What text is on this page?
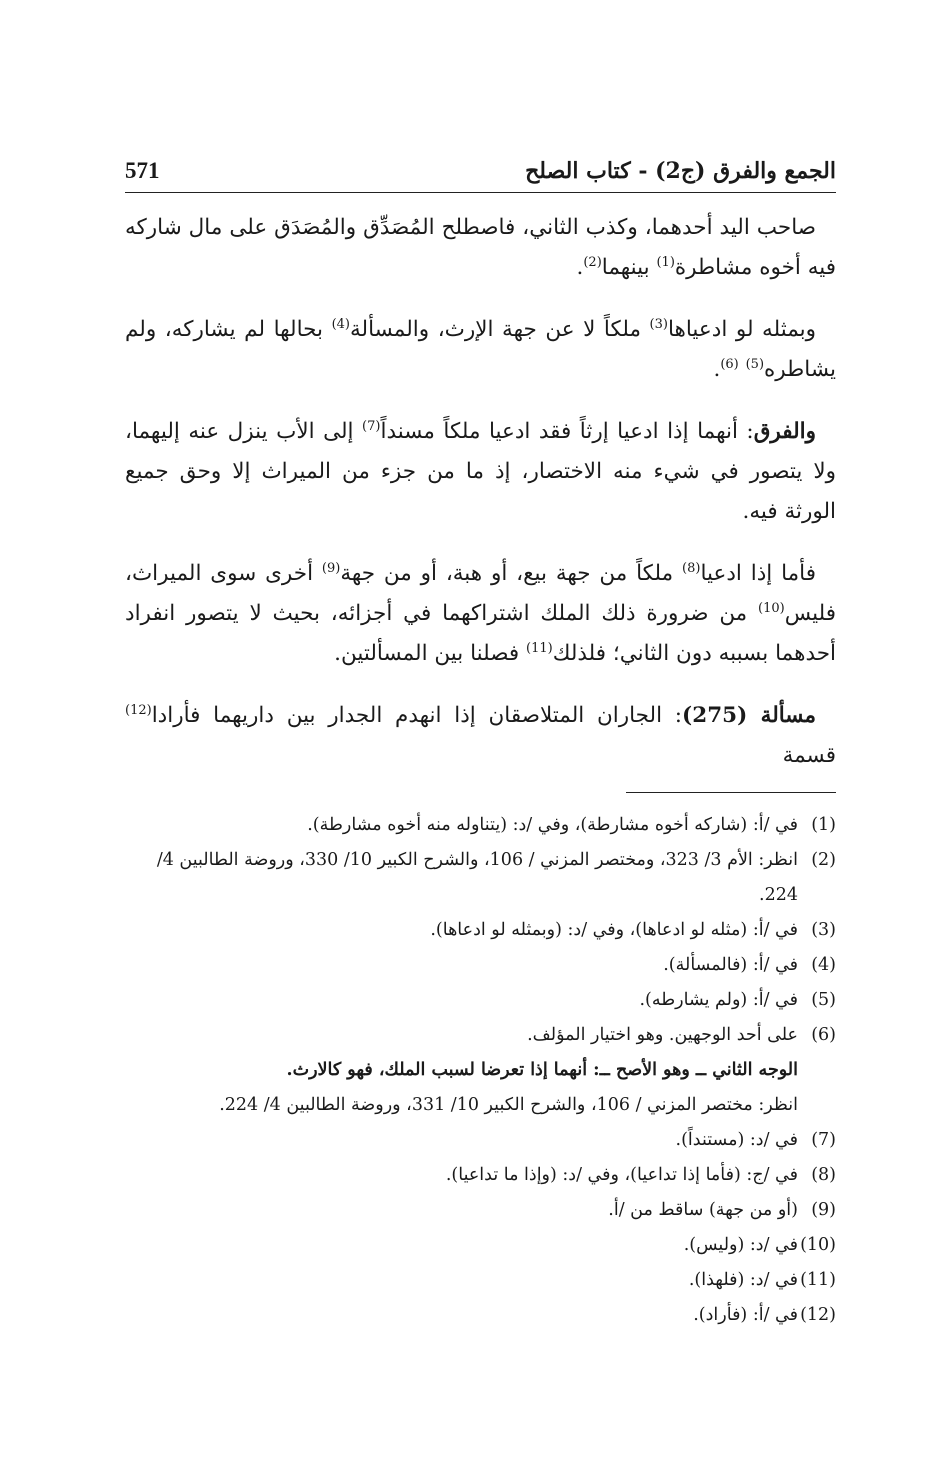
571	الجمع والفرق (ج2) - كتاب الصلح

صاحب اليد أحدهما، وكذب الثاني، فاصطلح المُصَدِّق والمُصَدَق على مال شاركه فيه أخوه مشاطرة$^{(1)}$ بينهما$^{(2)}$.

وبمثله لو ادعياها$^{(3)}$ ملكاً لا عن جهة الإرث، والمسألة$^{(4)}$ بحالها لم يشاركه، ولم يشاطره$^{(5)}$ $^{(6)}$.

والفرق: أنهما إذا ادعيا إرثاً فقد ادعيا ملكاً مسنداً$^{(7)}$ إلى الأب ينزل عنه إليهما، ولا يتصور في شيء منه الاختصار، إذ ما من جزء من الميراث إلا وحق جميع الورثة فيه.

فأما إذا ادعيا$^{(8)}$ ملكاً من جهة بيع، أو هبة، أو من جهة$^{(9)}$ أخرى سوى الميراث، فليس$^{(10)}$ من ضرورة ذلك الملك اشتراكهما في أجزائه، بحيث لا يتصور انفراد أحدهما بسببه دون الثاني؛ فلذلك$^{(11)}$ فصلنا بين المسألتين.

مسألة (275): الجاران المتلاصقان إذا انهدم الجدار بين داريهما فأرادا$^{(12)}$ قسمة

(1)
في /أ: (شاركه أخوه مشارطة)، وفي /د: (يتناوله منه أخوه مشارطة).
(2)
انظر: الأم 3/ 323، ومختصر المزني / 106، والشرح الكبير 10/ 330، وروضة الطالبين 4/ 224.
(3)
في /أ: (مثله لو ادعاها)، وفي /د: (وبمثله لو ادعاها).
(4)
في /أ: (فالمسألة).
(5)
في /أ: (ولم يشارطه).
(6)
على أحد الوجهين. وهو اختيار المؤلف.
الوجه الثاني ــ وهو الأصح ــ: أنهما إذا تعرضا لسبب الملك، فهو كالارث.
انظر: مختصر المزني / 106، والشرح الكبير 10/ 331، وروضة الطالبين 4/ 224.
(7)
في /د: (مستنداً).
(8)
في /ج: (فأما إذا تداعيا)، وفي /د: (وإذا ما تداعيا).
(9)
(أو من جهة) ساقط من /أ.
(10)
في /د: (وليس).
(11)
في /د: (فلهذا).
(12)
في /أ: (فأراد).
